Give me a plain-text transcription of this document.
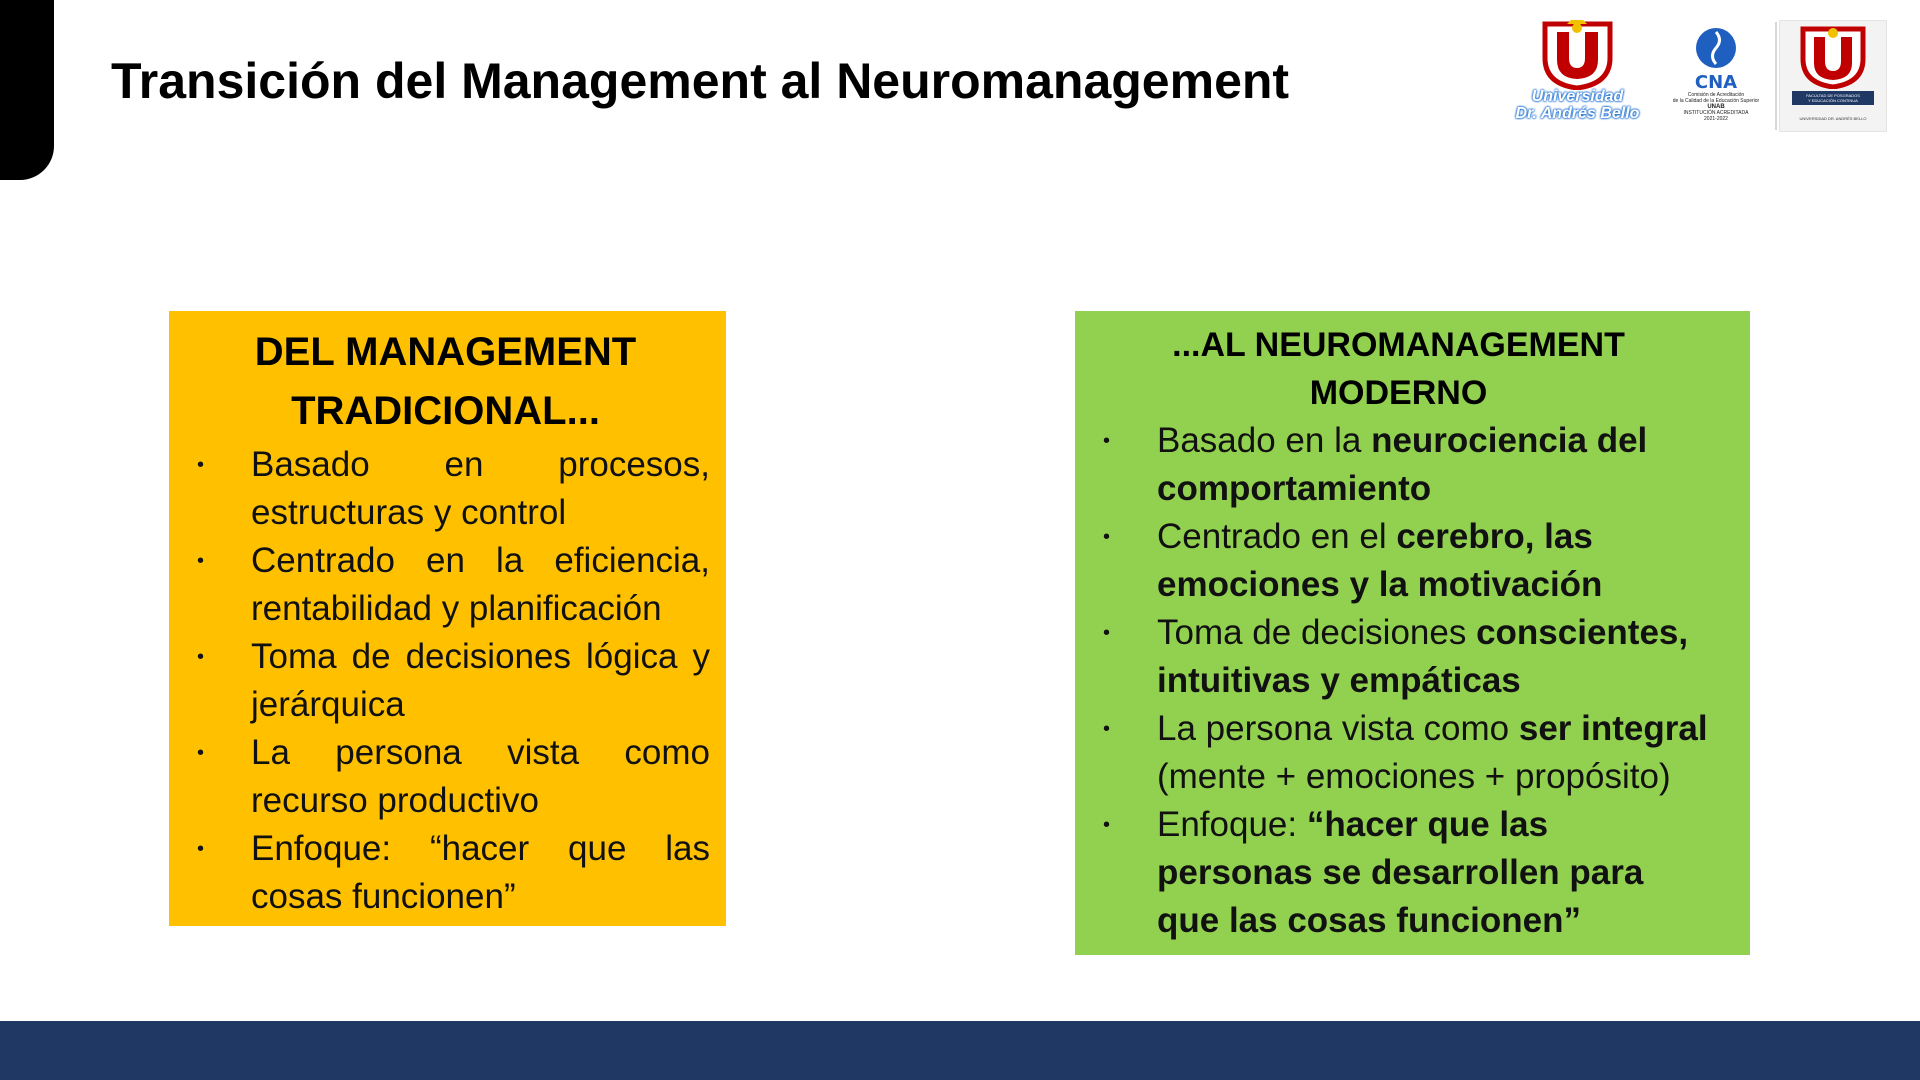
Transición del Management al Neuromanagement	Universidad
Dr. Andrés Bello
CNA
Comisión de Acreditación
de la Calidad de la Educación Superior
UNAB
INSTITUCIÓN ACREDITADA
2021-2022
FACULTAD DE POSGRADOS
Y EDUCACIÓN CONTINUA
UNIVERSIDAD DR. ANDRÉS BELLO
DEL MANAGEMENT
TRADICIONAL...
• Basado en procesos, estructuras y control
• Centrado en la eficiencia, rentabilidad y planificación
• Toma de decisiones lógica y jerárquica
• La persona vista como recurso productivo
• Enfoque: “hacer que las cosas funcionen”
...AL NEUROMANAGEMENT
MODERNO
• Basado en la neurociencia del comportamiento
• Centrado en el cerebro, las emociones y la motivación
• Toma de decisiones conscientes, intuitivas y empáticas
• La persona vista como ser integral (mente + emociones + propósito)
• Enfoque: “hacer que las personas se desarrollen para que las cosas funcionen”
